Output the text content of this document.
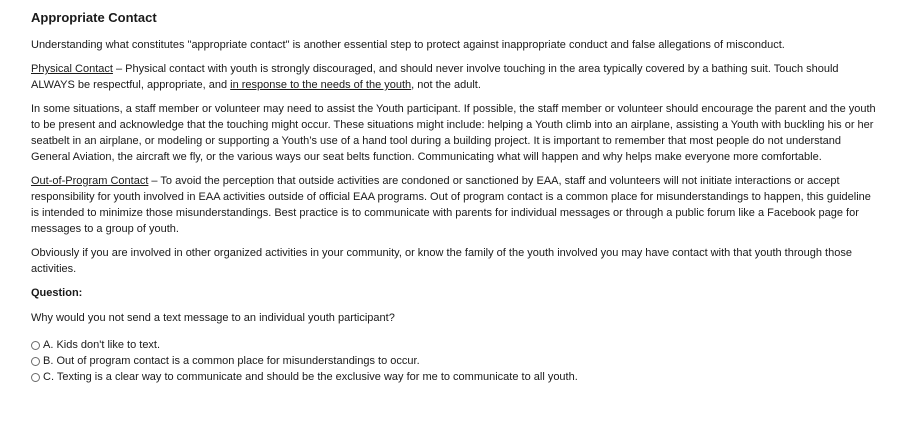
Appropriate Contact

Understanding what constitutes "appropriate contact" is another essential step to protect against inappropriate conduct and false allegations of misconduct.

Physical Contact – Physical contact with youth is strongly discouraged, and should never involve touching in the area typically covered by a bathing suit. Touch should ALWAYS be respectful, appropriate, and in response to the needs of the youth, not the adult.

In some situations, a staff member or volunteer may need to assist the Youth participant. If possible, the staff member or volunteer should encourage the parent and the youth to be present and acknowledge that the touching might occur. These situations might include: helping a Youth climb into an airplane, assisting a Youth with buckling his or her seatbelt in an airplane, or modeling or supporting a Youth’s use of a hand tool during a building project. It is important to remember that most people do not understand General Aviation, the aircraft we fly, or the various ways our seat belts function. Communicating what will happen and why helps make everyone more comfortable.

Out-of-Program Contact – To avoid the perception that outside activities are condoned or sanctioned by EAA, staff and volunteers will not initiate interactions or accept responsibility for youth involved in EAA activities outside of official EAA programs. Out of program contact is a common place for misunderstandings to happen, this guideline is intended to minimize those misunderstandings. Best practice is to communicate with parents for individual messages or through a public forum like a Facebook page for messages to a group of youth.

Obviously if you are involved in other organized activities in your community, or know the family of the youth involved you may have contact with that youth through those activities.

Question:
Why would you not send a text message to an individual youth participant?
A. Kids don't like to text.
B. Out of program contact is a common place for misunderstandings to occur.
C. Texting is a clear way to communicate and should be the exclusive way for me to communicate to all youth.
